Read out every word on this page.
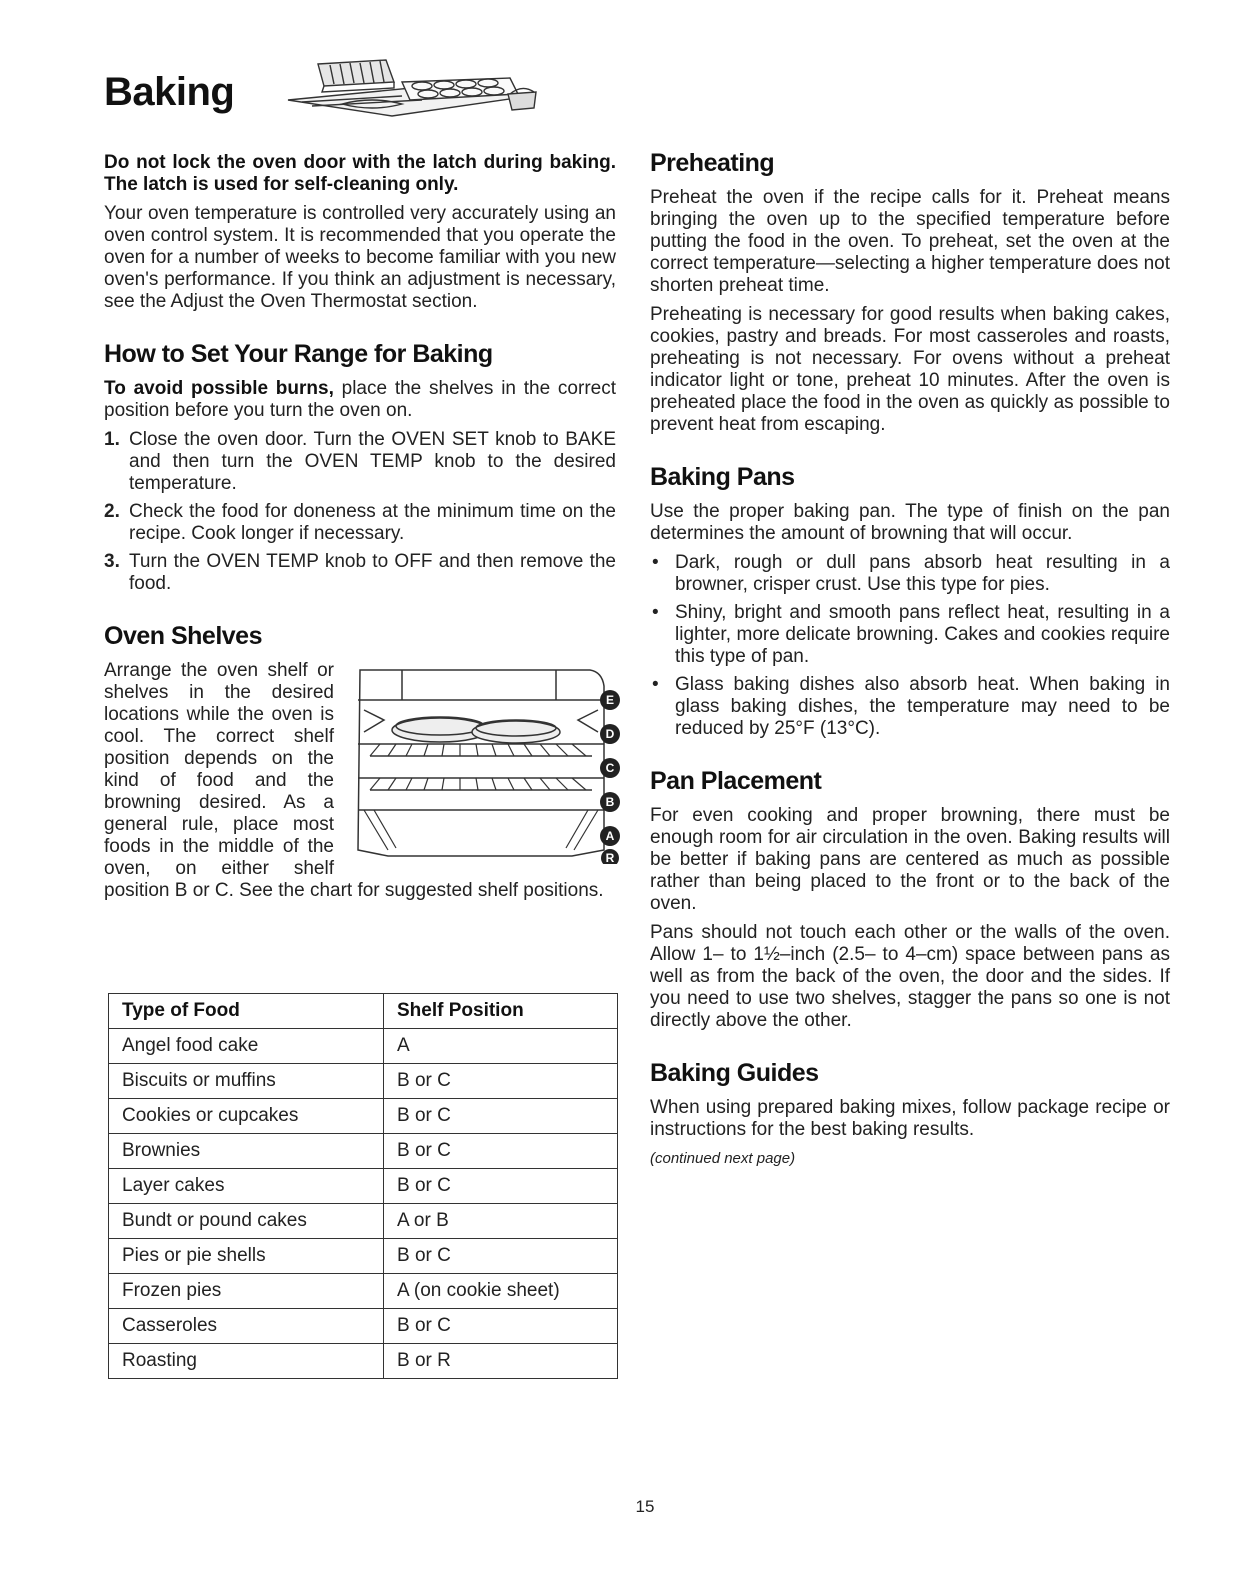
Baking

Do not lock the oven door with the latch during baking. The latch is used for self-cleaning only.

Your oven temperature is controlled very accurately using an oven control system. It is recommended that you operate the oven for a number of weeks to become familiar with you new oven's performance. If you think an adjustment is necessary, see the Adjust the Oven Thermostat section.

How to Set Your Range for Baking

To avoid possible burns, place the shelves in the correct position before you turn the oven on.

1. Close the oven door. Turn the OVEN SET knob to BAKE and then turn the OVEN TEMP knob to the desired temperature.
2. Check the food for doneness at the minimum time on the recipe. Cook longer if necessary.
3. Turn the OVEN TEMP knob to OFF and then remove the food.
Oven Shelves
E
D
C
B
A
R

Arrange the oven shelf or shelves in the desired locations while the oven is cool. The correct shelf position depends on the kind of food and the browning desired. As a general rule, place most foods in the middle of the oven, on either shelf position B or C. See the chart for suggested shelf positions.

Type of Food	Shelf Position
Angel food cake	A
Biscuits or muffins	B or C
Cookies or cupcakes	B or C
Brownies	B or C
Layer cakes	B or C
Bundt or pound cakes	A or B
Pies or pie shells	B or C
Frozen pies	A (on cookie sheet)
Casseroles	B or C
Roasting	B or R
Preheating

Preheat the oven if the recipe calls for it. Preheat means bringing the oven up to the specified temperature before putting the food in the oven. To preheat, set the oven at the correct temperature—selecting a higher temperature does not shorten preheat time.

Preheating is necessary for good results when baking cakes, cookies, pastry and breads. For most casseroles and roasts, preheating is not necessary. For ovens without a preheat indicator light or tone, preheat 10 minutes. After the oven is preheated place the food in the oven as quickly as possible to prevent heat from escaping.

Baking Pans

Use the proper baking pan. The type of finish on the pan determines the amount of browning that will occur.

• Dark, rough or dull pans absorb heat resulting in a browner, crisper crust. Use this type for pies.
• Shiny, bright and smooth pans reflect heat, resulting in a lighter, more delicate browning. Cakes and cookies require this type of pan.
• Glass baking dishes also absorb heat. When baking in glass baking dishes, the temperature may need to be reduced by 25°F (13°C).
Pan Placement

For even cooking and proper browning, there must be enough room for air circulation in the oven. Baking results will be better if baking pans are centered as much as possible rather than being placed to the front or to the back of the oven.

Pans should not touch each other or the walls of the oven. Allow 1– to 1½–inch (2.5– to 4–cm) space between pans as well as from the back of the oven, the door and the sides. If you need to use two shelves, stagger the pans so one is not directly above the other.

Baking Guides

When using prepared baking mixes, follow package recipe or instructions for the best baking results.

(continued next page)

15
